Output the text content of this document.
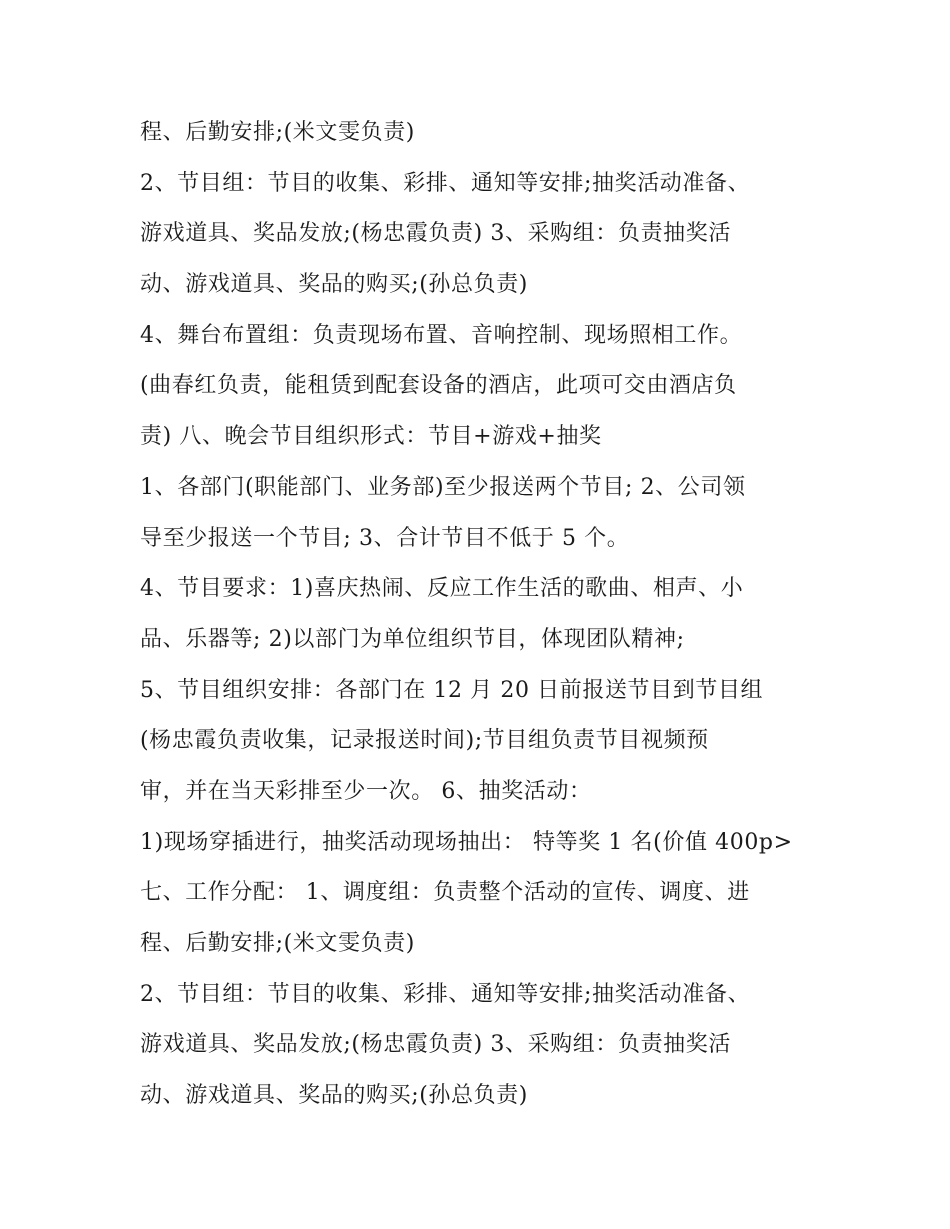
程、后勤安排;(米文雯负责)
2、节目组：节目的收集、彩排、通知等安排;抽奖活动准备、
游戏道具、奖品发放;(杨忠霞负责) 3、采购组：负责抽奖活
动、游戏道具、奖品的购买;(孙总负责)
4、舞台布置组：负责现场布置、音响控制、现场照相工作。
(曲春红负责，能租赁到配套设备的酒店，此项可交由酒店负
责) 八、晚会节目组织形式：节目+游戏+抽奖
1、各部门(职能部门、业务部)至少报送两个节目; 2、公司领
导至少报送一个节目; 3、合计节目不低于 5 个。
4、节目要求：1)喜庆热闹、反应工作生活的歌曲、相声、小
品、乐器等; 2)以部门为单位组织节目，体现团队精神;
5、节目组织安排：各部门在 12 月 20 日前报送节目到节目组
(杨忠霞负责收集，记录报送时间);节目组负责节目视频预
审，并在当天彩排至少一次。 6、抽奖活动：
1)现场穿插进行，抽奖活动现场抽出： 特等奖 1 名(价值 400p>
七、工作分配： 1、调度组：负责整个活动的宣传、调度、进
程、后勤安排;(米文雯负责)
2、节目组：节目的收集、彩排、通知等安排;抽奖活动准备、
游戏道具、奖品发放;(杨忠霞负责) 3、采购组：负责抽奖活
动、游戏道具、奖品的购买;(孙总负责)
